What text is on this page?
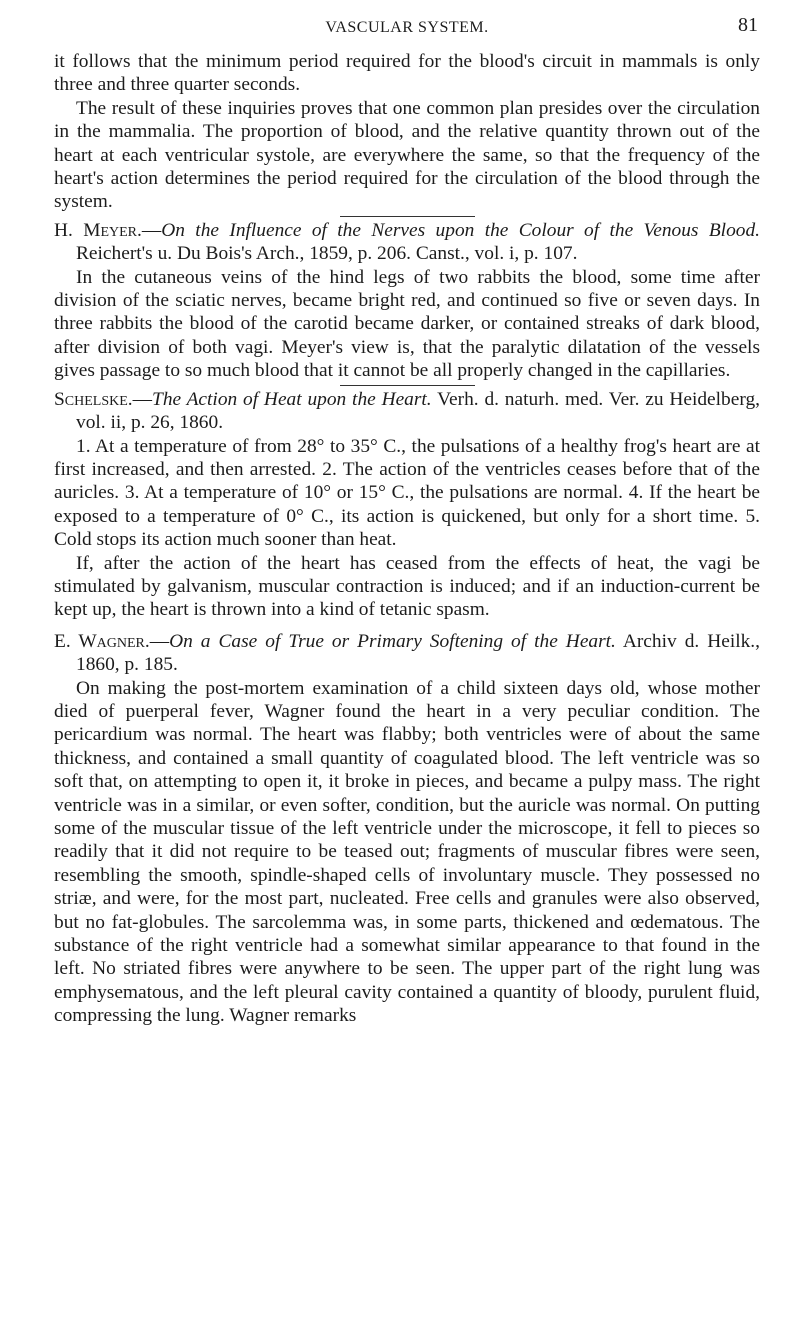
VASCULAR SYSTEM.	81

it follows that the minimum period required for the blood's circuit in mammals is only three and three quarter seconds.

The result of these inquiries proves that one common plan presides over the circulation in the mammalia. The proportion of blood, and the relative quantity thrown out of the heart at each ventricular systole, are everywhere the same, so that the frequency of the heart's action determines the period required for the circulation of the blood through the system.

H. Meyer.—On the Influence of the Nerves upon the Colour of the Venous Blood. Reichert's u. Du Bois's Arch., 1859, p. 206. Canst., vol. i, p. 107.

In the cutaneous veins of the hind legs of two rabbits the blood, some time after division of the sciatic nerves, became bright red, and continued so five or seven days. In three rabbits the blood of the carotid became darker, or contained streaks of dark blood, after division of both vagi. Meyer's view is, that the paralytic dilatation of the vessels gives passage to so much blood that it cannot be all properly changed in the capillaries.

Schelske.—The Action of Heat upon the Heart. Verh. d. naturh. med. Ver. zu Heidelberg, vol. ii, p. 26, 1860.

1. At a temperature of from 28° to 35° C., the pulsations of a healthy frog's heart are at first increased, and then arrested. 2. The action of the ventricles ceases before that of the auricles. 3. At a temperature of 10° or 15° C., the pulsations are normal. 4. If the heart be exposed to a temperature of 0° C., its action is quickened, but only for a short time. 5. Cold stops its action much sooner than heat.

If, after the action of the heart has ceased from the effects of heat, the vagi be stimulated by galvanism, muscular contraction is induced; and if an induction-current be kept up, the heart is thrown into a kind of tetanic spasm.

E. Wagner.—On a Case of True or Primary Softening of the Heart. Archiv d. Heilk., 1860, p. 185.

On making the post-mortem examination of a child sixteen days old, whose mother died of puerperal fever, Wagner found the heart in a very peculiar condition. The pericardium was normal. The heart was flabby; both ventricles were of about the same thickness, and contained a small quantity of coagulated blood. The left ventricle was so soft that, on attempting to open it, it broke in pieces, and became a pulpy mass. The right ventricle was in a similar, or even softer, condition, but the auricle was normal. On putting some of the muscular tissue of the left ventricle under the microscope, it fell to pieces so readily that it did not require to be teased out; fragments of muscular fibres were seen, resembling the smooth, spindle-shaped cells of involuntary muscle. They possessed no striæ, and were, for the most part, nucleated. Free cells and granules were also observed, but no fat-globules. The sarcolemma was, in some parts, thickened and œdematous. The substance of the right ventricle had a somewhat similar appearance to that found in the left. No striated fibres were anywhere to be seen. The upper part of the right lung was emphysematous, and the left pleural cavity contained a quantity of bloody, purulent fluid, compressing the lung. Wagner remarks
